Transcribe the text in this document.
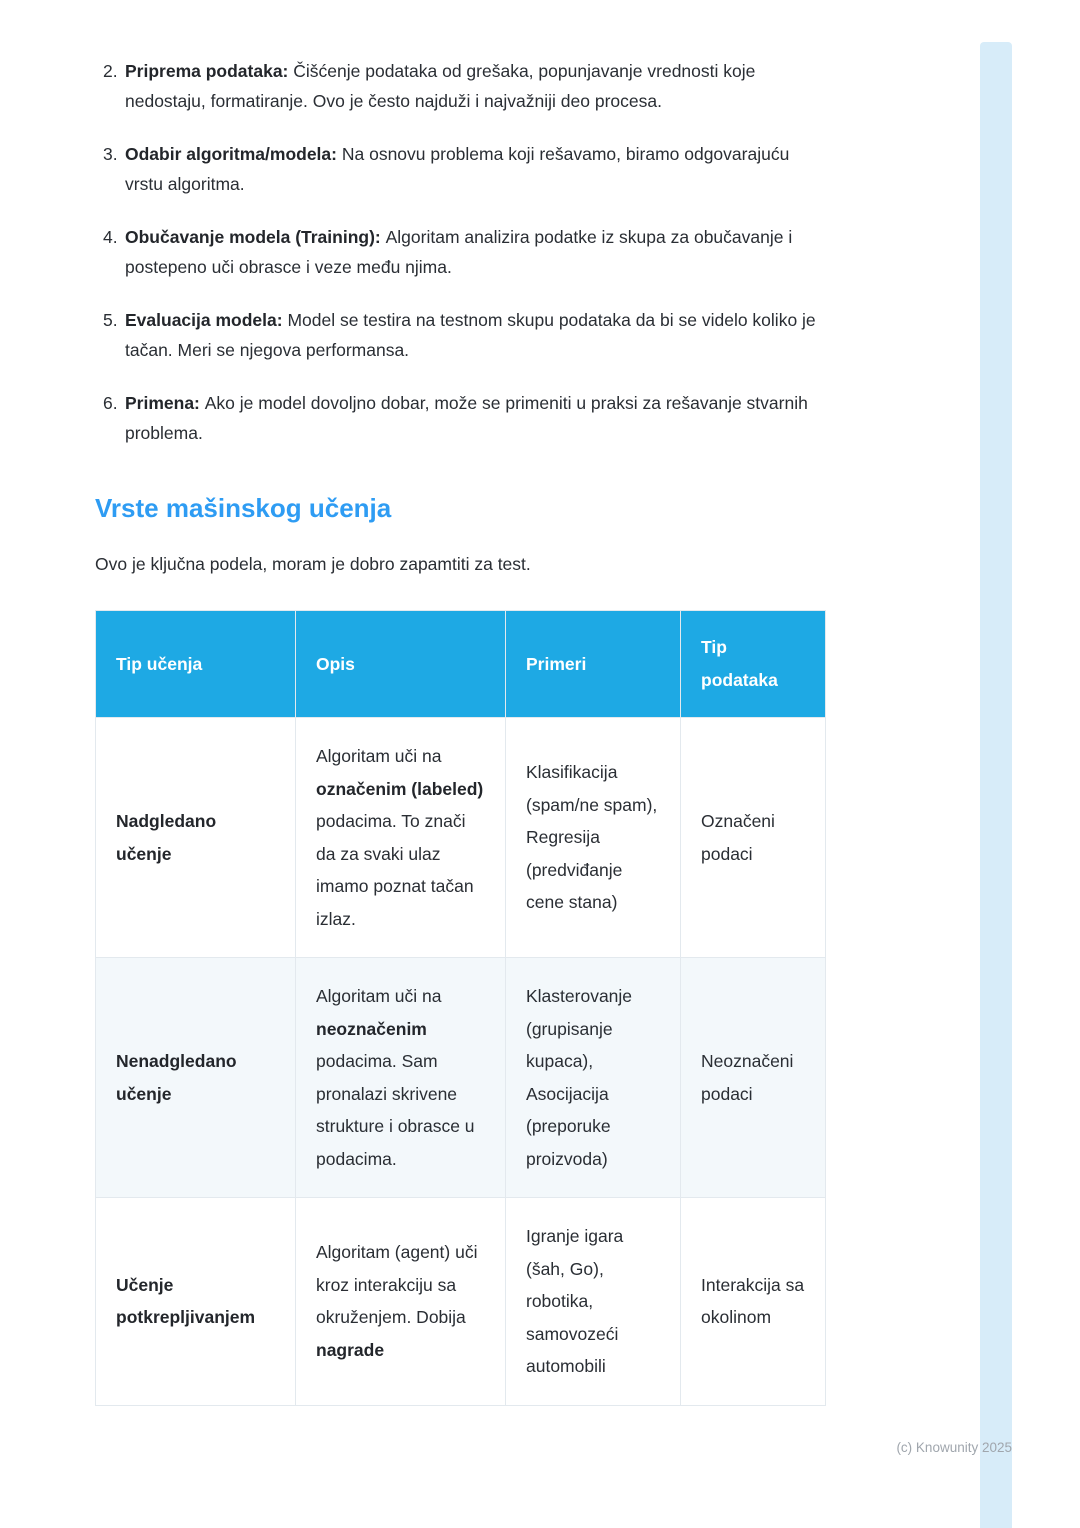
2. Priprema podataka: Čišćenje podataka od grešaka, popunjavanje vrednosti koje nedostaju, formatiranje. Ovo je često najduži i najvažniji deo procesa.
3. Odabir algoritma/modela: Na osnovu problema koji rešavamo, biramo odgovarajuću vrstu algoritma.
4. Obučavanje modela (Training): Algoritam analizira podatke iz skupa za obučavanje i postepeno uči obrasce i veze među njima.
5. Evaluacija modela: Model se testira na testnom skupu podataka da bi se videlo koliko je tačan. Meri se njegova performansa.
6. Primena: Ako je model dovoljno dobar, može se primeniti u praksi za rešavanje stvarnih problema.
Vrste mašinskog učenja

Ovo je ključna podela, moram je dobro zapamtiti za test.

Tip učenja	Opis	Primeri	Tip podataka
Nadgledano učenje	Algoritam uči na označenim (labeled) podacima. To znači da za svaki ulaz imamo poznat tačan izlaz.	Klasifikacija (spam/ne spam), Regresija (predviđanje cene stana)	Označeni podaci
Nenadgledano učenje	Algoritam uči na neoznačenim podacima. Sam pronalazi skrivene strukture i obrasce u podacima.	Klasterovanje (grupisanje kupaca), Asocijacija (preporuke proizvoda)	Neoznačeni podaci
Učenje potkrepljivanjem	Algoritam (agent) uči kroz interakciju sa okruženjem. Dobija nagrade	Igranje igara (šah, Go), robotika, samovozeći automobili	Interakcija sa okolinom
(c) Knowunity 2025
